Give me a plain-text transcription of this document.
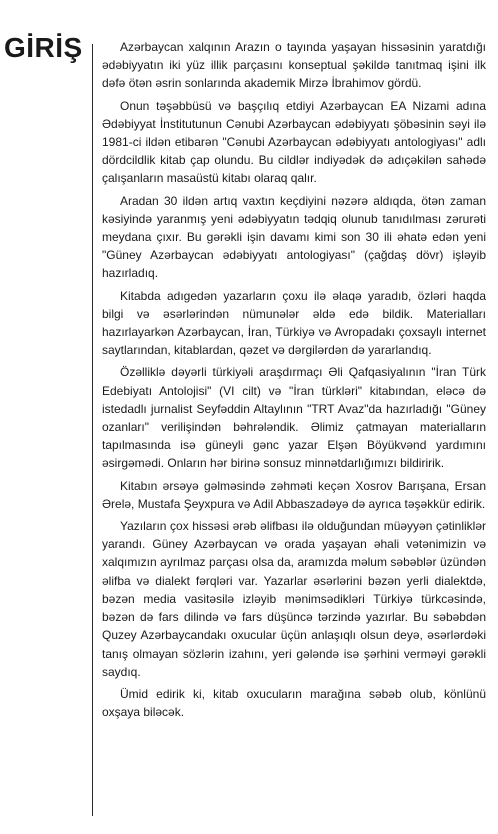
GİRİŞ	Azərbaycan xalqının Arazın o tayında yaşayan hissəsinin yaratdığı ədəbiyyatın iki yüz illik parçasını konseptual şəkildə tanıtmaq işini ilk dəfə ötən əsrin sonlarında akademik Mirzə İbrahimov gördü.

Onun təşəbbüsü və başçılıq etdiyi Azərbaycan EA Nizami adına Ədəbiyyat İnstitutunun Cənubi Azərbaycan ədəbiyyatı şöbəsinin səyi ilə 1981-ci ildən etibarən "Cənubi Azərbaycan ədəbiyyatı antologiyası" adlı dördcildlik kitab çap olundu. Bu cildlər indiyədək də adıçəkilən sahədə çalışanların masaüstü kitabı olaraq qalır.

Aradan 30 ildən artıq vaxtın keçdiyini nəzərə aldıqda, ötən zaman kəsiyində yaranmış yeni ədəbiyyatın tədqiq olunub tanıdılması zərurəti meydana çıxır. Bu gərəkli işin davamı kimi son 30 ili əhatə edən yeni "Güney Azərbaycan ədəbiyyatı antologiyası" (çağdaş dövr) işləyib hazırladıq.

Kitabda adıgedən yazarların çoxu ilə əlaqə yaradıb, özləri haqda bilgi və əsərlərindən nümunələr əldə edə bildik. Materialları hazırlayarkən Azərbaycan, İran, Türkiyə və Avropadakı çoxsaylı internet saytlarından, kitablardan, qəzet və dərgilərdən də yararlandıq.

Özəlliklə dəyərli türkiyəli araşdırmaçı Əli Qafqasiyalının "İran Türk Edebiyatı Antolojisi" (VI cilt) və "İran türkləri" kitabından, eləcə də istedadlı jurnalist Seyfəddin Altaylının "TRT Avaz"da hazırladığı "Güney ozanları" verilişindən bəhrələndik. Əlimiz çatmayan materialların tapılmasında isə güneyli gənc yazar Elşən Böyükvənd yardımını əsirgəmədi. Onların hər birinə sonsuz minnətdarlığımızı bildiririk.

Kitabın ərsəyə gəlməsində zəhməti keçən Xosrov Barışana, Ersan Ərelə, Mustafa Şeyxpura və Adil Abbaszadəyə də ayrıca təşəkkür edirik.

Yazıların çox hissəsi ərəb əlifbası ilə olduğundan müəyyən çətinliklər yarandı. Güney Azərbaycan və orada yaşayan əhali vətənimizin və xalqımızın ayrılmaz parçası olsa da, aramızda məlum səbəblər üzündən əlifba və dialekt fərqləri var. Yazarlar əsərlərini bəzən yerli dialektdə, bəzən media vasitəsilə izləyib mənimsədikləri Türkiyə türkcəsində, bəzən də fars dilində və fars düşüncə tərzində yazırlar. Bu səbəbdən Quzey Azərbaycandakı oxucular üçün anlaşıqlı olsun deyə, əsərlərdəki tanış olmayan sözlərin izahını, yeri gələndə isə şərhini verməyi gərəkli saydıq.

Ümid edirik ki, kitab oxucuların marağına səbəb olub, könlünü oxşaya biləcək.
